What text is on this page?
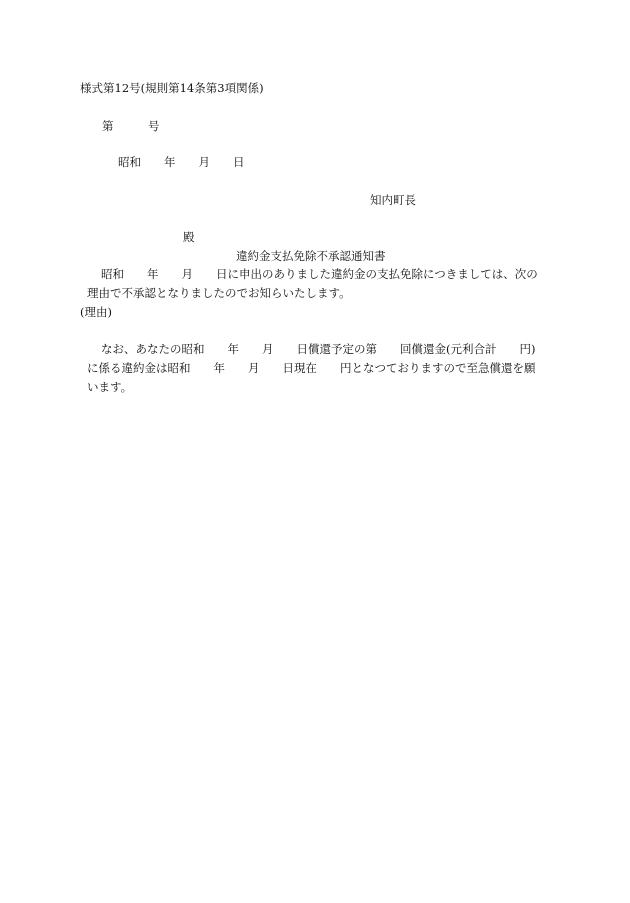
様式第12号(規則第14条第3項関係)
第　　　号
昭和　　年　　月　　日
知内町長
殿
違約金支払免除不承認通知書
昭和　　年　　月　　日に申出のありました違約金の支払免除につきましては、次の
理由で不承認となりましたのでお知らいたします。
(理由)
なお、あなたの昭和　　年　　月　　日償還予定の第　　回償還金(元利合計　　円)
に係る違約金は昭和　　年　　月　　日現在　　円となつておりますので至急償還を願
います。
